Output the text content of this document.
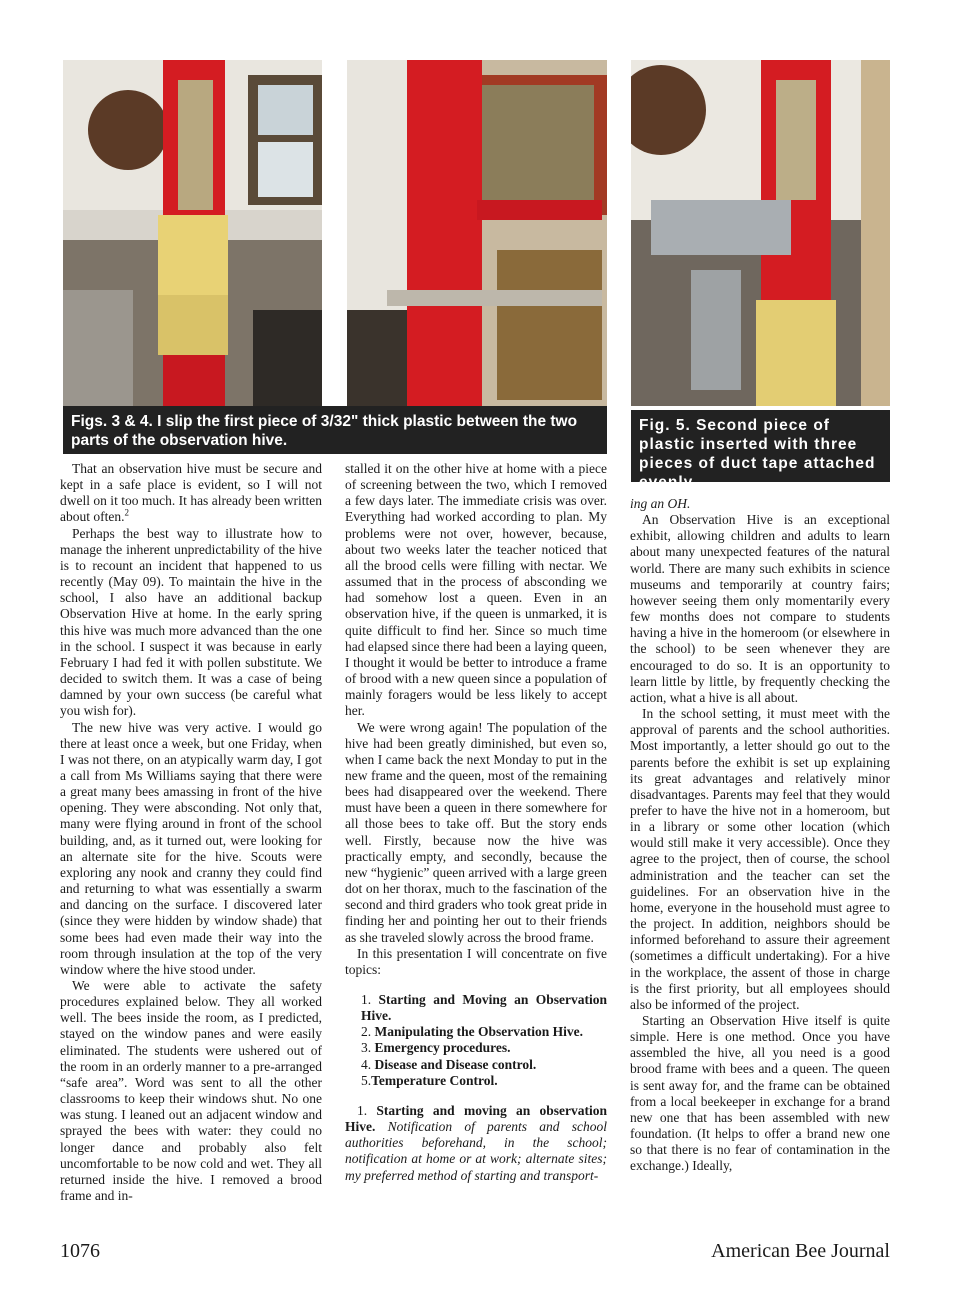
Figs. 3 & 4. I slip the first piece of 3/32" thick plastic between the two parts of the observation hive.
Fig. 5. Second piece of plastic inserted with three pieces of duct tape attached evenly.

That an observation hive must be secure and kept in a safe place is evident, so I will not dwell on it too much. It has already been written about often.$^2$

Perhaps the best way to illustrate how to manage the inherent unpredictability of the hive is to recount an incident that happened to us recently (May 09). To maintain the hive in the school, I also have an additional backup Observation Hive at home. In the early spring this hive was much more advanced than the one in the school. I suspect it was because in early February I had fed it with pollen substitute. We decided to switch them. It was a case of being damned by your own success (be careful what you wish for).

The new hive was very active. I would go there at least once a week, but one Friday, when I was not there, on an atypically warm day, I got a call from Ms Williams saying that there were a great many bees amassing in front of the hive opening. They were absconding. Not only that, many were flying around in front of the school building, and, as it turned out, were looking for an alternate site for the hive. Scouts were exploring any nook and cranny they could find and returning to what was essentially a swarm and dancing on the surface. I discovered later (since they were hidden by window shade) that some bees had even made their way into the room through insulation at the top of the very window where the hive stood under.

We were able to activate the safety procedures explained below. They all worked well. The bees inside the room, as I predicted, stayed on the window panes and were easily eliminated. The students were ushered out of the room in an orderly manner to a pre-arranged “safe area”. Word was sent to all the other classrooms to keep their windows shut. No one was stung. I leaned out an adjacent window and sprayed the bees with water: they could no longer dance and probably also felt uncomfortable to be now cold and wet. They all returned inside the hive. I removed a brood frame and in-

stalled it on the other hive at home with a piece of screening between the two, which I removed a few days later. The immediate crisis was over. Everything had worked according to plan. My problems were not over, however, because, about two weeks later the teacher noticed that all the brood cells were filling with nectar. We assumed that in the process of absconding we had somehow lost a queen. Even in an observation hive, if the queen is unmarked, it is quite difficult to find her. Since so much time had elapsed since there had been a laying queen, I thought it would be better to introduce a frame of brood with a new queen since a population of mainly foragers would be less likely to accept her.

We were wrong again! The population of the hive had been greatly diminished, but even so, when I came back the next Monday to put in the new frame and the queen, most of the remaining bees had disappeared over the weekend. There must have been a queen in there somewhere for all those bees to take off. But the story ends well. Firstly, because now the hive was practically empty, and secondly, because the new “hygienic” queen arrived with a large green dot on her thorax, much to the fascination of the second and third graders who took great pride in finding her and pointing her out to their friends as she traveled slowly across the brood frame.

In this presentation I will concentrate on five topics:

1. Starting and Moving an Observation Hive.
2. Manipulating the Observation Hive.
3. Emergency procedures.
4. Disease and Disease control.
5.Temperature Control.

1. Starting and moving an observation Hive. Notification of parents and school authorities beforehand, in the school; notification at home or at work; alternate sites; my preferred method of starting and transport-

ing an OH.

An Observation Hive is an exceptional exhibit, allowing children and adults to learn about many unexpected features of the natural world. There are many such exhibits in science museums and temporarily at country fairs; however seeing them only momentarily every few months does not compare to students having a hive in the homeroom (or elsewhere in the school) to be seen whenever they are encouraged to do so. It is an opportunity to learn little by little, by frequently checking the action, what a hive is all about.

In the school setting, it must meet with the approval of parents and the school authorities. Most importantly, a letter should go out to the parents before the exhibit is set up explaining its great advantages and relatively minor disadvantages. Parents may feel that they would prefer to have the hive not in a homeroom, but in a library or some other location (which would still make it very accessible). Once they agree to the project, then of course, the school administration and the teacher can set the guidelines. For an observation hive in the home, everyone in the household must agree to the project. In addition, neighbors should be informed beforehand to assure their agreement (sometimes a difficult undertaking). For a hive in the workplace, the assent of those in charge is the first priority, but all employees should also be informed of the project.

Starting an Observation Hive itself is quite simple. Here is one method. Once you have assembled the hive, all you need is a good brood frame with bees and a queen. The queen is sent away for, and the frame can be obtained from a local beekeeper in exchange for a brand new one that has been assembled with new foundation. (It helps to offer a brand new one so that there is no fear of contamination in the exchange.) Ideally,

1076	American Bee Journal
